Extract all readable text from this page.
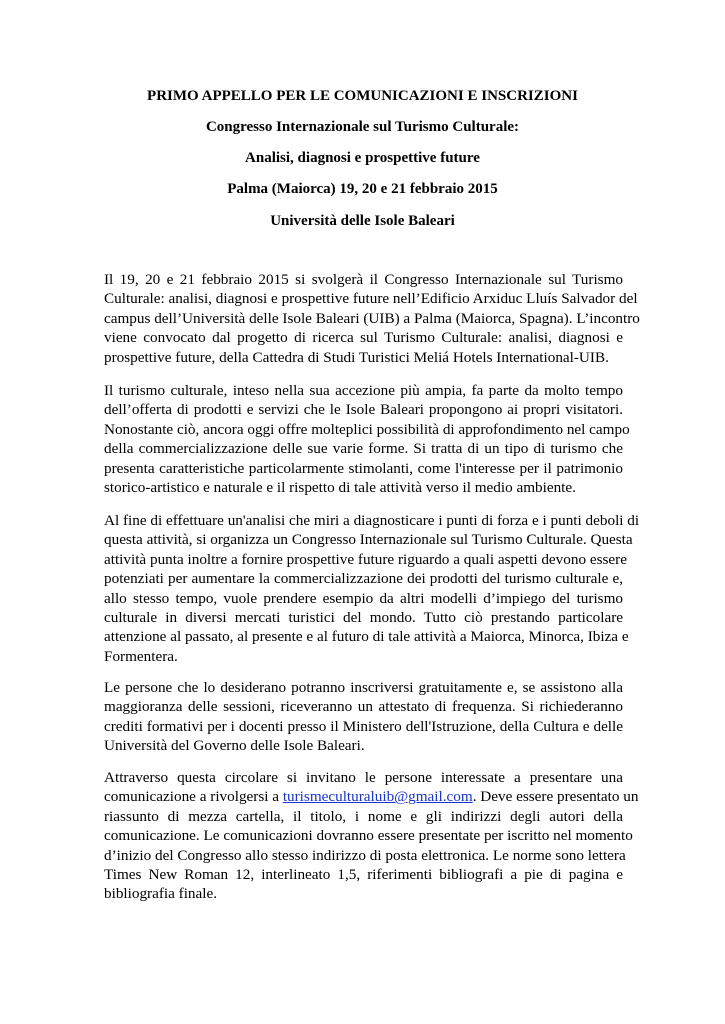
PRIMO APPELLO PER LE COMUNICAZIONI E INSCRIZIONI
Congresso Internazionale sul Turismo Culturale:
Analisi, diagnosi e prospettive future
Palma (Maiorca) 19, 20 e 21 febbraio 2015
Università delle Isole Baleari
Il 19, 20 e 21 febbraio 2015 si svolgerà il Congresso Internazionale sul Turismo
Culturale: analisi, diagnosi e prospettive future nell’Edificio Arxiduc Lluís Salvador del
campus dell’Università delle Isole Baleari (UIB) a Palma (Maiorca, Spagna). L’incontro
viene convocato dal progetto di ricerca sul Turismo Culturale: analisi, diagnosi e
prospettive future, della Cattedra di Studi Turistici Meliá Hotels International-UIB.
Il turismo culturale, inteso nella sua accezione più ampia, fa parte da molto tempo
dell’offerta di prodotti e servizi che le Isole Baleari propongono ai propri visitatori.
Nonostante ciò, ancora oggi offre molteplici possibilità di approfondimento nel campo
della commercializzazione delle sue varie forme. Si tratta di un tipo di turismo che
presenta caratteristiche particolarmente stimolanti, come l'interesse per il patrimonio
storico-artistico e naturale e il rispetto di tale attività verso il medio ambiente.
Al fine di effettuare un'analisi che miri a diagnosticare i punti di forza e i punti deboli di
questa attività, si organizza un Congresso Internazionale sul Turismo Culturale. Questa
attività punta inoltre a fornire prospettive future riguardo a quali aspetti devono essere
potenziati per aumentare la commercializzazione dei prodotti del turismo culturale e,
allo stesso tempo, vuole prendere esempio da altri modelli d’impiego del turismo
culturale in diversi mercati turistici del mondo. Tutto ciò prestando particolare
attenzione al passato, al presente e al futuro di tale attività a Maiorca, Minorca, Ibiza e
Formentera.
Le persone che lo desiderano potranno inscriversi gratuitamente e, se assistono alla
maggioranza delle sessioni, riceveranno un attestato di frequenza. Si richiederanno
crediti formativi per i docenti presso il Ministero dell'Istruzione, della Cultura e delle
Università del Governo delle Isole Baleari.
Attraverso questa circolare si invitano le persone interessate a presentare una
comunicazione a rivolgersi a turismeculturaluib@gmail.com. Deve essere presentato un
riassunto di mezza cartella, il titolo, i nome e gli indirizzi degli autori della
comunicazione. Le comunicazioni dovranno essere presentate per iscritto nel momento
d’inizio del Congresso allo stesso indirizzo di posta elettronica. Le norme sono lettera
Times New Roman 12, interlineato 1,5, riferimenti bibliografi a pie di pagina e
bibliografia finale.
